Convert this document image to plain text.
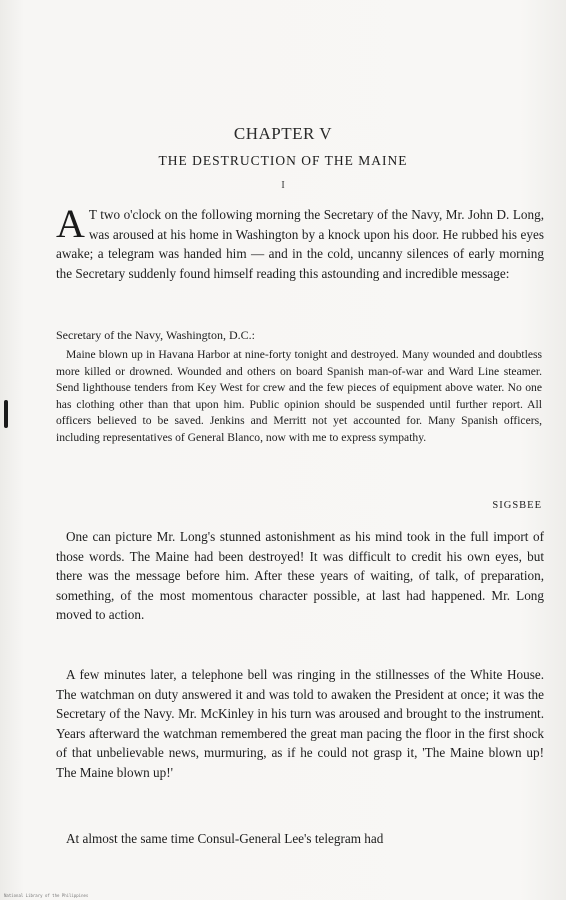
CHAPTER V
THE DESTRUCTION OF THE MAINE
I

A T two o'clock on the following morning the Secretary of the Navy, Mr. John D. Long, was aroused at his home in Washington by a knock upon his door. He rubbed his eyes awake; a telegram was handed him — and in the cold, uncanny silences of early morning the Secretary suddenly found himself reading this astounding and incredible message:

Secretary of the Navy, Washington, D.C.:

Maine blown up in Havana Harbor at nine-forty tonight and destroyed. Many wounded and doubtless more killed or drowned. Wounded and others on board Spanish man-of-war and Ward Line steamer. Send lighthouse tenders from Key West for crew and the few pieces of equipment above water. No one has clothing other than that upon him. Public opinion should be suspended until further report. All officers believed to be saved. Jenkins and Merritt not yet accounted for. Many Spanish officers, including representatives of General Blanco, now with me to express sympathy.

SIGSBEE

One can picture Mr. Long's stunned astonishment as his mind took in the full import of those words. The Maine had been destroyed! It was difficult to credit his own eyes, but there was the message before him. After these years of waiting, of talk, of preparation, something, of the most momentous character possible, at last had happened. Mr. Long moved to action.

A few minutes later, a telephone bell was ringing in the stillnesses of the White House. The watchman on duty answered it and was told to awaken the President at once; it was the Secretary of the Navy. Mr. McKinley in his turn was aroused and brought to the instrument. Years afterward the watchman remembered the great man pacing the floor in the first shock of that unbelievable news, murmuring, as if he could not grasp it, 'The Maine blown up! The Maine blown up!'

At almost the same time Consul-General Lee's telegram had

National Library of the Philippines
